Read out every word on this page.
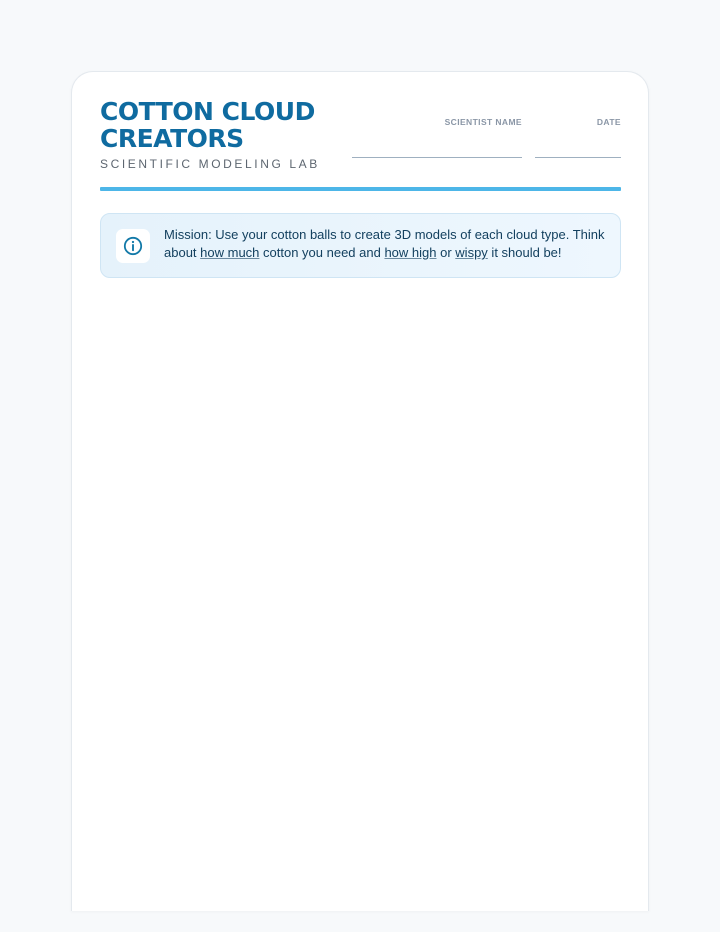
COTTON CLOUD CREATORS
SCIENTIFIC MODELING LAB
SCIENTIST NAME	DATE

Mission: Use your cotton balls to create 3D models of each cloud type. Think about how much cotton you need and how high or wispy it should be!
